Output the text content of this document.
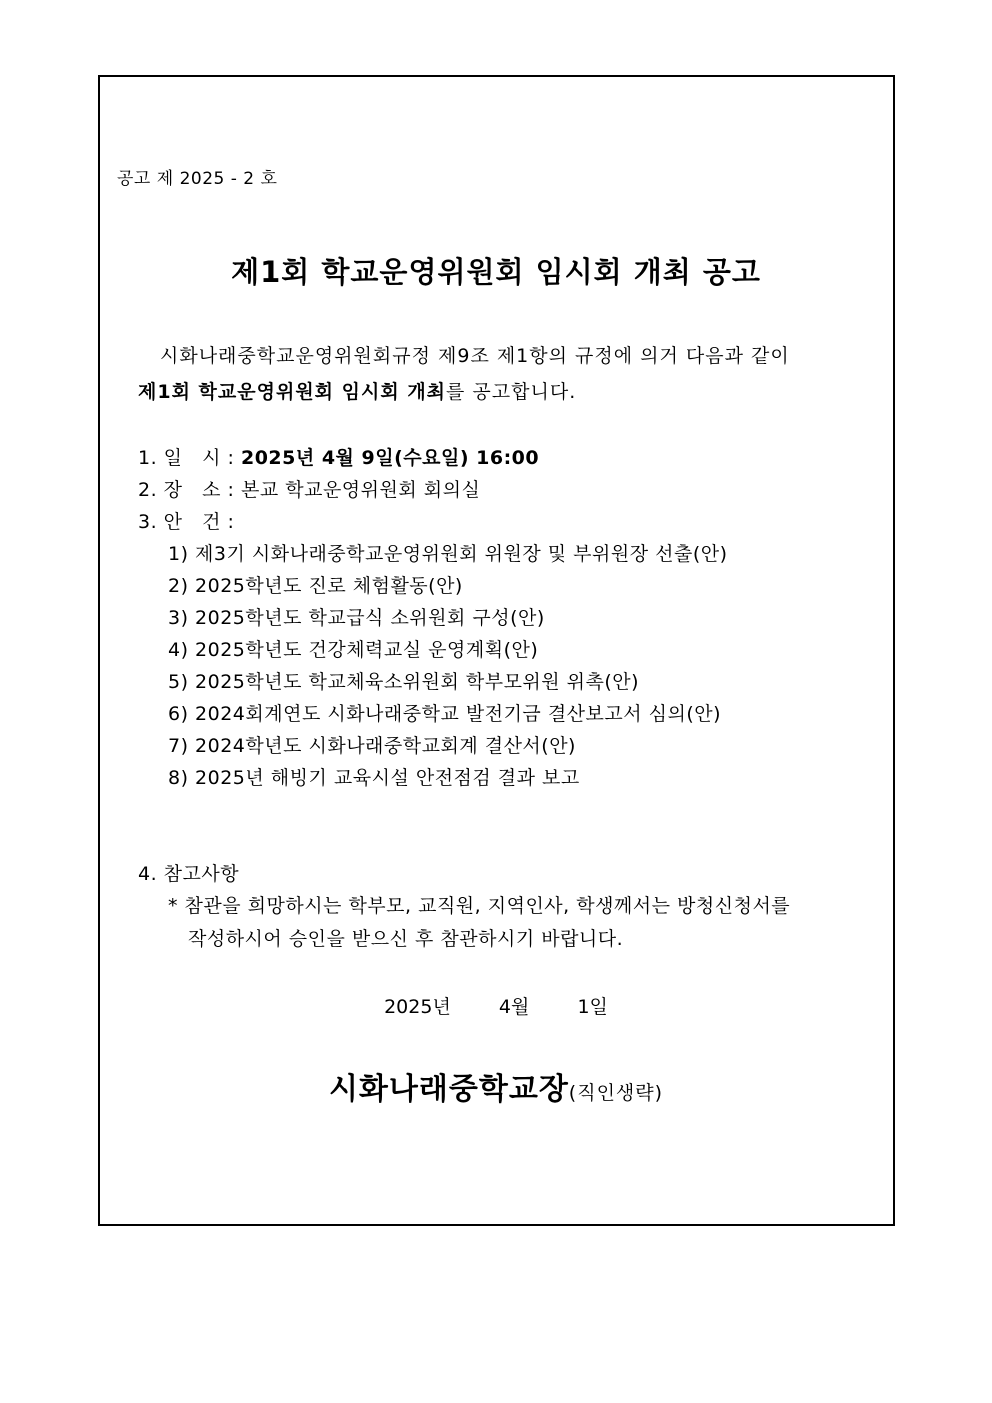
공고 제 2025 - 2 호
제1회 학교운영위원회 임시회 개최 공고
시화나래중학교운영위원회규정 제9조 제1항의 규정에 의거 다음과 같이
제1회 학교운영위원회 임시회 개최를 공고합니다.
1. 일   시 : 2025년 4월 9일(수요일) 16:00
2. 장   소 : 본교 학교운영위원회 회의실
3. 안   건 :
1) 제3기 시화나래중학교운영위원회 위원장 및 부위원장 선출(안)
2) 2025학년도 진로 체험활동(안)
3) 2025학년도 학교급식 소위원회 구성(안)
4) 2025학년도 건강체력교실 운영계획(안)
5) 2025학년도 학교체육소위원회 학부모위원 위촉(안)
6) 2024회계연도 시화나래중학교 발전기금 결산보고서 심의(안)
7) 2024학년도 시화나래중학교회계 결산서(안)
8) 2025년 해빙기 교육시설 안전점검 결과 보고
4. 참고사항
* 참관을 희망하시는 학부모, 교직원, 지역인사, 학생께서는 방청신청서를
작성하시어 승인을 받으신 후 참관하시기 바랍니다.
2025년	4월	1일
시화나래중학교장(직인생략)
